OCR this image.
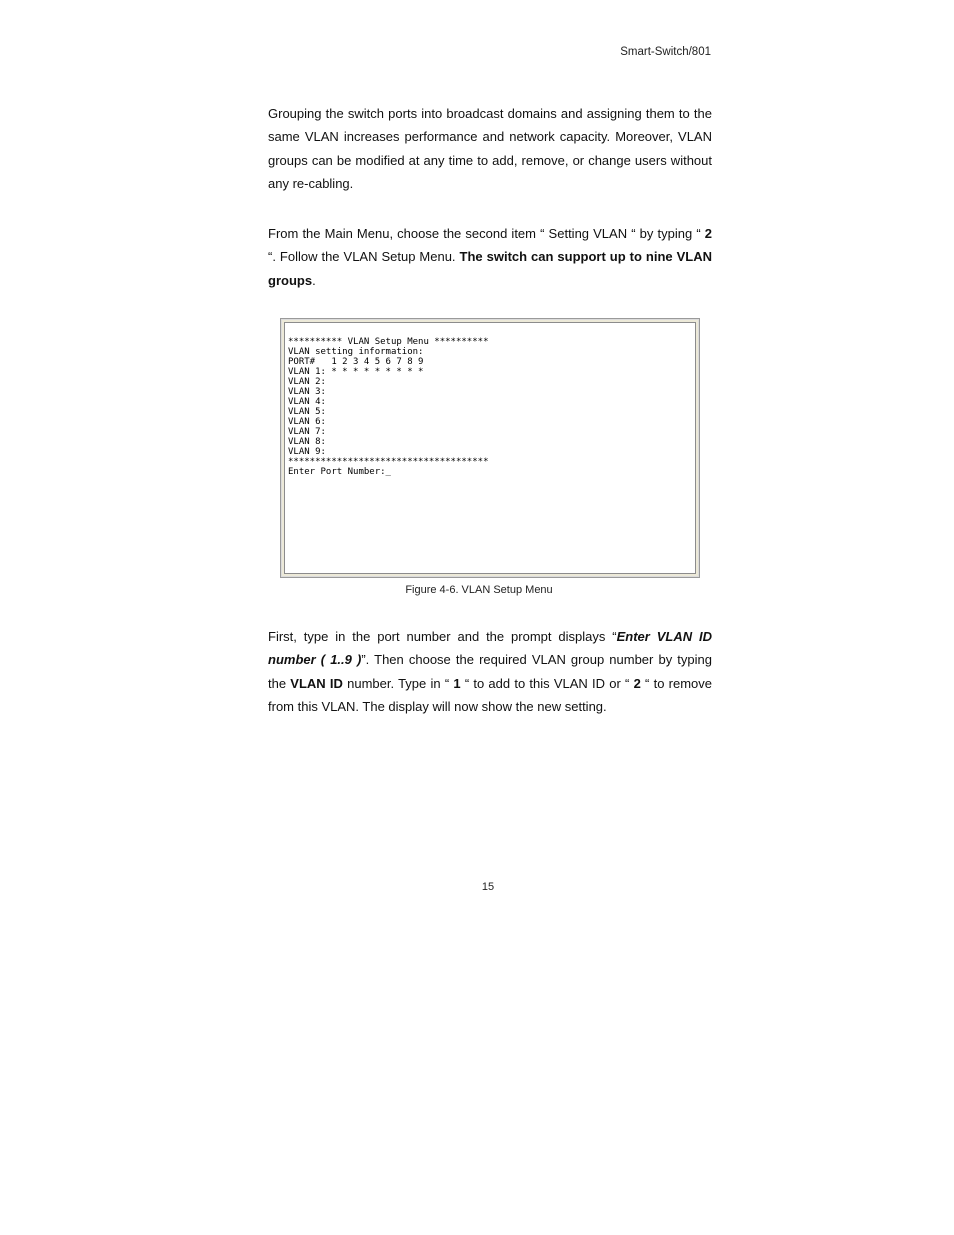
Smart-Switch/801

Grouping the switch ports into broadcast domains and assigning them to the same VLAN increases performance and network capacity. Moreover, VLAN groups can be modified at any time to add, remove, or change users without any re-cabling.

From the Main Menu, choose the second item “ Setting VLAN “ by typing “ 2 “. Follow the VLAN Setup Menu. The switch can support up to nine VLAN groups.

********** VLAN Setup Menu **********
VLAN setting information:
PORT#   1 2 3 4 5 6 7 8 9
VLAN 1: * * * * * * * * *
VLAN 2:
VLAN 3:
VLAN 4:
VLAN 5:
VLAN 6:
VLAN 7:
VLAN 8:
VLAN 9:
*************************************
Enter Port Number:_
Figure 4-6. VLAN Setup Menu

First, type in the port number and the prompt displays “Enter VLAN ID number ( 1..9 )”. Then choose the required VLAN group number by typing the VLAN ID number. Type in “ 1 “ to add to this VLAN ID or “ 2 “ to remove from this VLAN. The display will now show the new setting.

15
